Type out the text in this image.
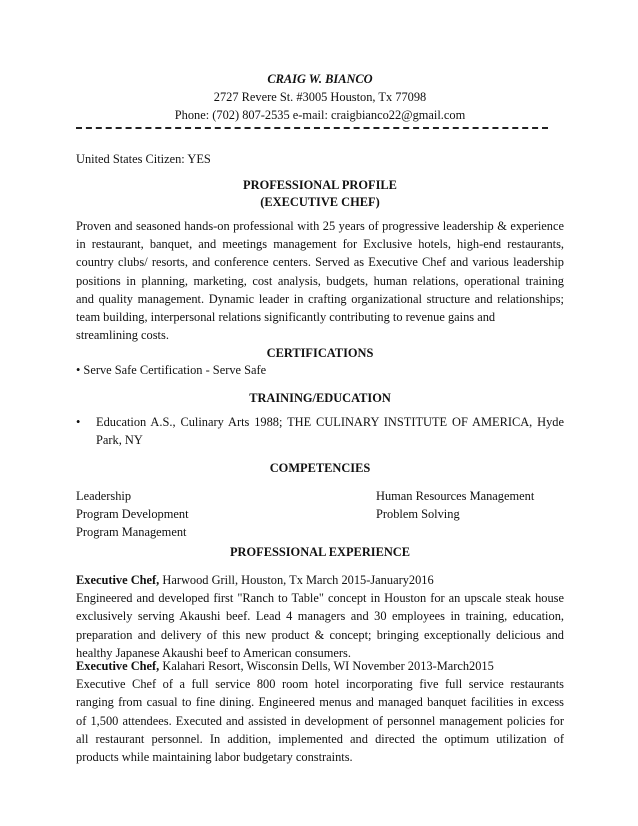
CRAIG W. BIANCO
2727 Revere St. #3005 Houston, Tx 77098
Phone: (702) 807-2535 e-mail: craigbianco22@gmail.com
United States Citizen: YES
PROFESSIONAL PROFILE
(EXECUTIVE CHEF)
Proven and seasoned hands-on professional with 25 years of progressive leadership & experience
in restaurant, banquet, and meetings management for Exclusive hotels, high-end restaurants,
country clubs/ resorts, and conference centers. Served as Executive Chef and various leadership
positions in planning, marketing, cost analysis, budgets, human relations, operational training
and quality management. Dynamic leader in crafting organizational structure and relationships;
team building, interpersonal relations significantly contributing to revenue gains and
streamlining costs.
CERTIFICATIONS
• Serve Safe Certification - Serve Safe
TRAINING/EDUCATION
• Education A.S., Culinary Arts 1988; THE CULINARY INSTITUTE OF AMERICA, Hyde
Park, NY
COMPETENCIES
Leadership	Human Resources Management
Program Development	Problem Solving
Program Management
PROFESSIONAL EXPERIENCE
Executive Chef, Harwood Grill, Houston, Tx March 2015-January2016
Engineered and developed first "Ranch to Table" concept in Houston for an upscale steak house
exclusively serving Akaushi beef. Lead 4 managers and 30 employees in training, education,
preparation and delivery of this new product & concept; bringing exceptionally delicious and
healthy Japanese Akaushi beef to American consumers.
Executive Chef, Kalahari Resort, Wisconsin Dells, WI November 2013-March2015
Executive Chef of a full service 800 room hotel incorporating five full service restaurants
ranging from casual to fine dining. Engineered menus and managed banquet facilities in excess
of 1,500 attendees. Executed and assisted in development of personnel management policies for
all restaurant personnel. In addition, implemented and directed the optimum utilization of
products while maintaining labor budgetary constraints.
